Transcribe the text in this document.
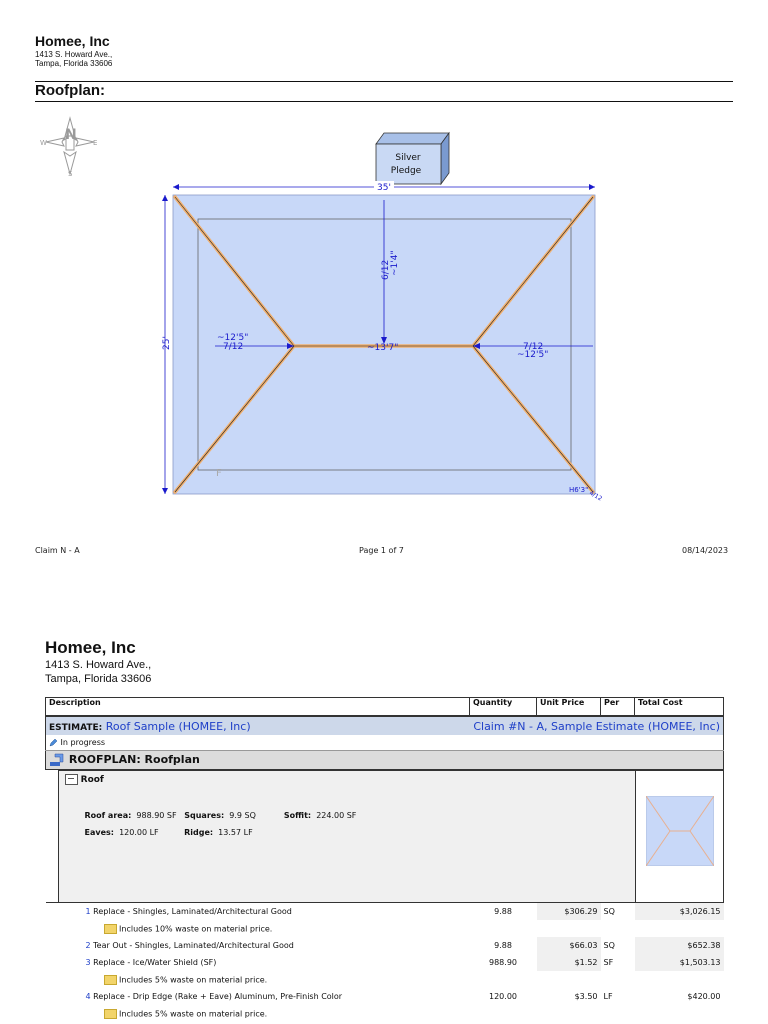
Homee, Inc
1413 S. Howard Ave.,
Tampa, Florida 33606
Roofplan:
N
W	E
S
Silver
Pledge
35'
25'
6/12 ~1'4"
~12'5"
7/12	~13'7"	7/12
~12'5"
H6'3" 4/12
F
Claim N - A	Page 1 of 7	08/14/2023
Homee, Inc
1413 S. Howard Ave.,
Tampa, Florida 33606
Description	Quantity	Unit Price	Per	Total Cost
ESTIMATE: Roof Sample (HOMEE, Inc)	Claim #N - A, Sample Estimate (HOMEE, Inc)			
In progress				
ROOFPLAN: Roofplan				

Roof
Roof area: 988.90 SF Squares: 9.9 SQ Soffit: 224.00 SF
Eaves: 120.00 LF Ridge: 13.57 LF

1 Replace - Shingles, Laminated/Architectural Good	9.88	$306.29	SQ	$3,026.15
Includes 10% waste on material price.				
2 Tear Out - Shingles, Laminated/Architectural Good	9.88	$66.03	SQ	$652.38
3 Replace - Ice/Water Shield (SF)	988.90	$1.52	SF	$1,503.13
Includes 5% waste on material price.				
4 Replace - Drip Edge (Rake + Eave) Aluminum, Pre-Finish Color	120.00	$3.50	LF	$420.00
Includes 5% waste on material price.				
